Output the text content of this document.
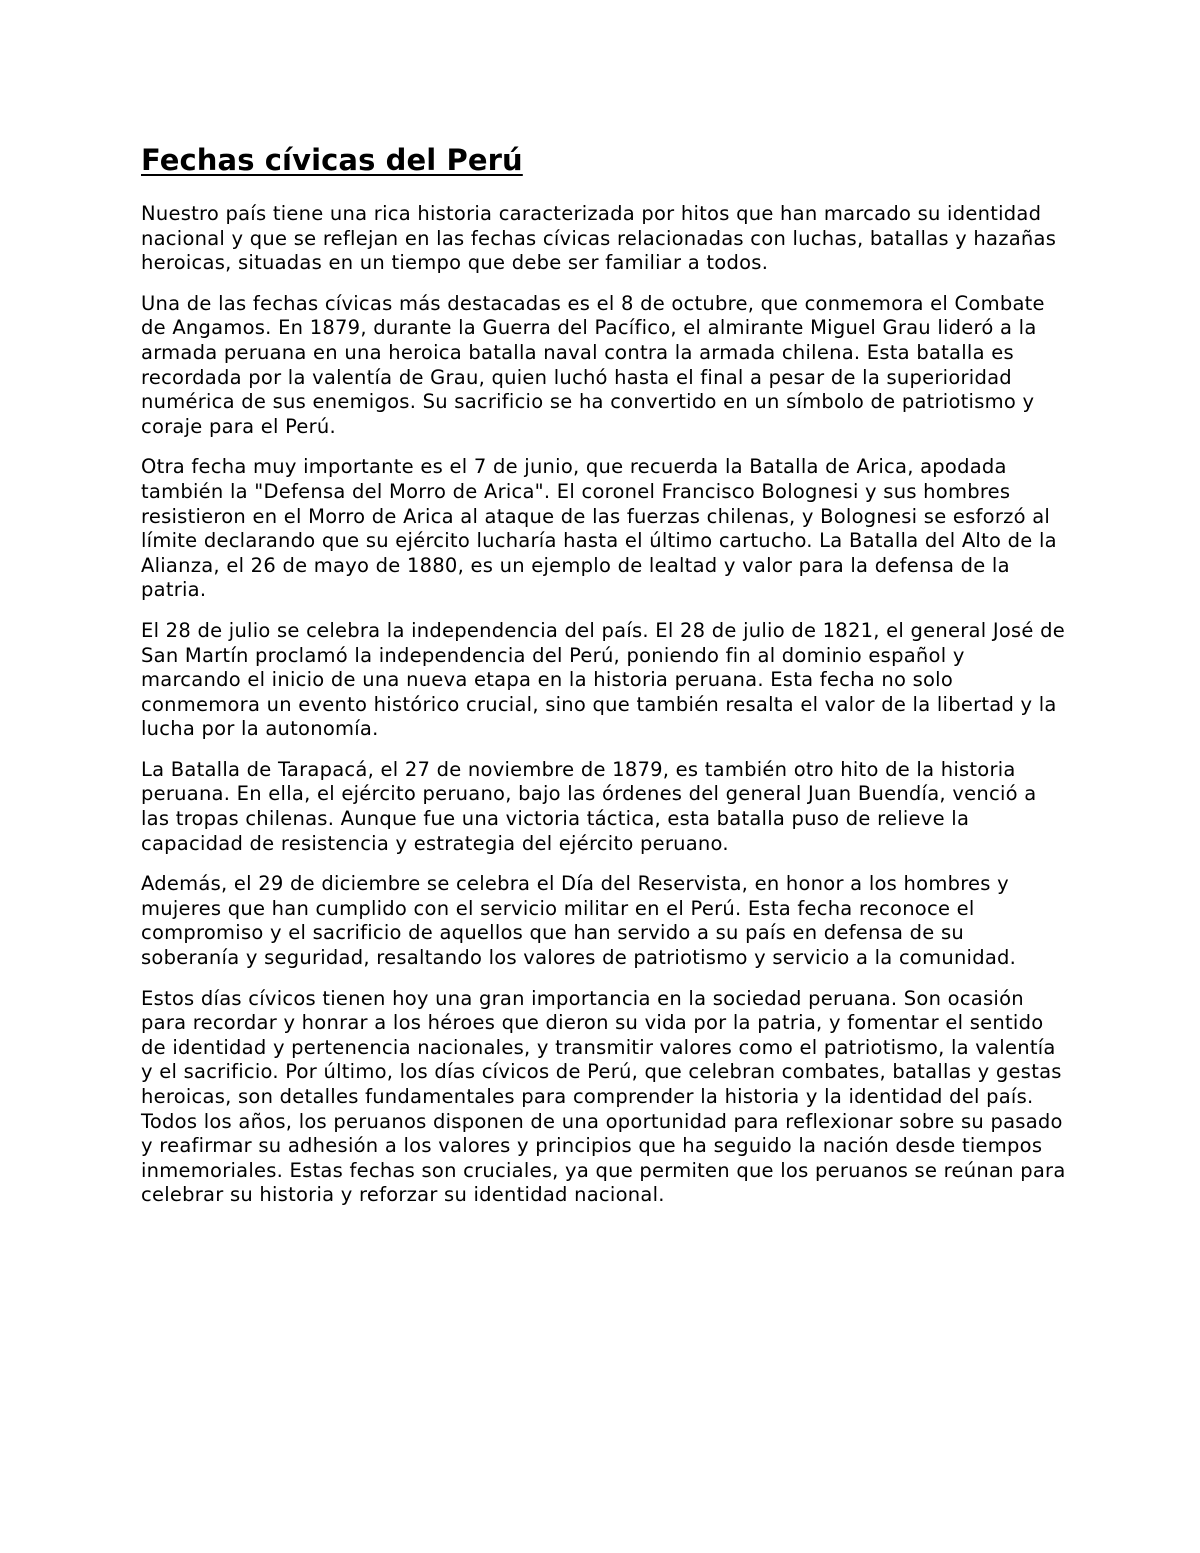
Fechas cívicas del Perú

Nuestro país tiene una rica historia caracterizada por hitos que han marcado su identidad nacional y que se reflejan en las fechas cívicas relacionadas con luchas, batallas y hazañas heroicas, situadas en un tiempo que debe ser familiar a todos.

Una de las fechas cívicas más destacadas es el 8 de octubre, que conmemora el Combate de Angamos. En 1879, durante la Guerra del Pacífico, el almirante Miguel Grau lideró a la armada peruana en una heroica batalla naval contra la armada chilena. Esta batalla es recordada por la valentía de Grau, quien luchó hasta el final a pesar de la superioridad numérica de sus enemigos. Su sacrificio se ha convertido en un símbolo de patriotismo y coraje para el Perú.

Otra fecha muy importante es el 7 de junio, que recuerda la Batalla de Arica, apodada también la "Defensa del Morro de Arica". El coronel Francisco Bolognesi y sus hombres resistieron en el Morro de Arica al ataque de las fuerzas chilenas, y Bolognesi se esforzó al límite declarando que su ejército lucharía hasta el último cartucho. La Batalla del Alto de la Alianza, el 26 de mayo de 1880, es un ejemplo de lealtad y valor para la defensa de la patria.

El 28 de julio se celebra la independencia del país. El 28 de julio de 1821, el general José de San Martín proclamó la independencia del Perú, poniendo fin al dominio español y marcando el inicio de una nueva etapa en la historia peruana. Esta fecha no solo conmemora un evento histórico crucial, sino que también resalta el valor de la libertad y la lucha por la autonomía.

La Batalla de Tarapacá, el 27 de noviembre de 1879, es también otro hito de la historia peruana. En ella, el ejército peruano, bajo las órdenes del general Juan Buendía, venció a las tropas chilenas. Aunque fue una victoria táctica, esta batalla puso de relieve la capacidad de resistencia y estrategia del ejército peruano.

Además, el 29 de diciembre se celebra el Día del Reservista, en honor a los hombres y mujeres que han cumplido con el servicio militar en el Perú. Esta fecha reconoce el compromiso y el sacrificio de aquellos que han servido a su país en defensa de su soberanía y seguridad, resaltando los valores de patriotismo y servicio a la comunidad.

Estos días cívicos tienen hoy una gran importancia en la sociedad peruana. Son ocasión para recordar y honrar a los héroes que dieron su vida por la patria, y fomentar el sentido de identidad y pertenencia nacionales, y transmitir valores como el patriotismo, la valentía y el sacrificio. Por último, los días cívicos de Perú, que celebran combates, batallas y gestas heroicas, son detalles fundamentales para comprender la historia y la identidad del país. Todos los años, los peruanos disponen de una oportunidad para reflexionar sobre su pasado y reafirmar su adhesión a los valores y principios que ha seguido la nación desde tiempos inmemoriales. Estas fechas son cruciales, ya que permiten que los peruanos se reúnan para celebrar su historia y reforzar su identidad nacional.
